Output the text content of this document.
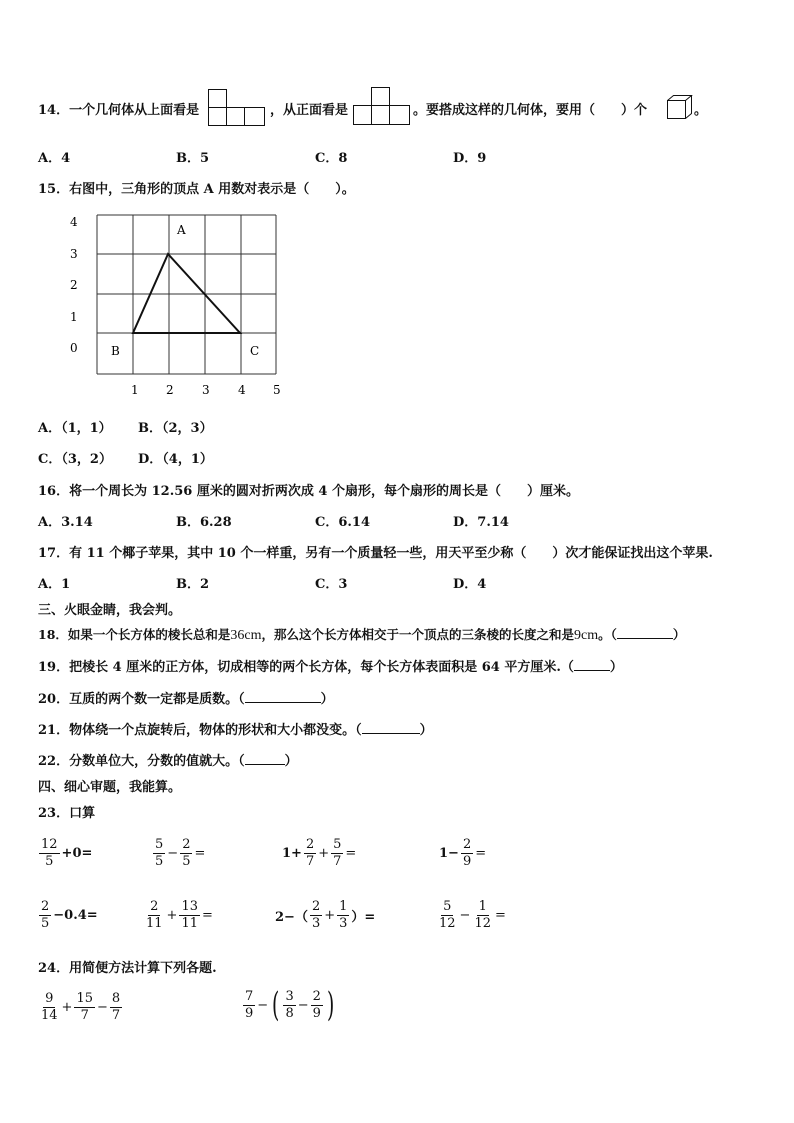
14．一个几何体从上面看是	，从正面看是	。要搭成这样的几何体，要用（　　）个	。
A．4	B．5	C．8	D．9
15．右图中，三角形的顶点 A 用数对表示是（　　）。
4
3
2
1
0
1 2 3 4 5
A
B	C
A．（1，1） B．（2，3）
C．（3，2） D．（4，1）
16．将一个周长为 12.56 厘米的圆对折两次成 4 个扇形，每个扇形的周长是（　　）厘米。
A．3.14	B．6.28	C．6.14	D．7.14
17．有 11 个椰子苹果，其中 10 个一样重，另有一个质量轻一些，用天平至少称（　　）次才能保证找出这个苹果.
A．1	B．2	C．3	D．4
三、火眼金睛，我会判。
18．如果一个长方体的棱长总和是36cm，那么这个长方体相交于一个顶点的三条棱的长度之和是9cm。（	）
19．把棱长 4 厘米的正方体，切成相等的两个长方体，每个长方体表面积是 64 平方厘米.（	）
20．互质的两个数一定都是质数。（	）
21．物体绕一个点旋转后，物体的形状和大小都没变。（	）
22．分数单位大，分数的值就大。（	）
四、细心审题，我能算。
23．口算
$\frac{12}{5} +0=$	$\frac{5}{5} - \frac{2}{5}$ =	$1+ \frac{2}{7} + \frac{5}{7}$ =	$1- \frac{2}{9}$ =
$\frac{2}{5} -0.4=$	$\frac{2}{11} + \frac{13}{11}$ =	$2-( \frac{2}{3} + \frac{1}{3}$ ）=	$\frac{5}{12} - \frac{1}{12}$ =
24．用简便方法计算下列各题.
$\frac{9}{14} + \frac{15}{7} - \frac{8}{7}$	$\frac{7}{9}$ − ( $\frac{3}{8} - \frac{2}{9}$ )
